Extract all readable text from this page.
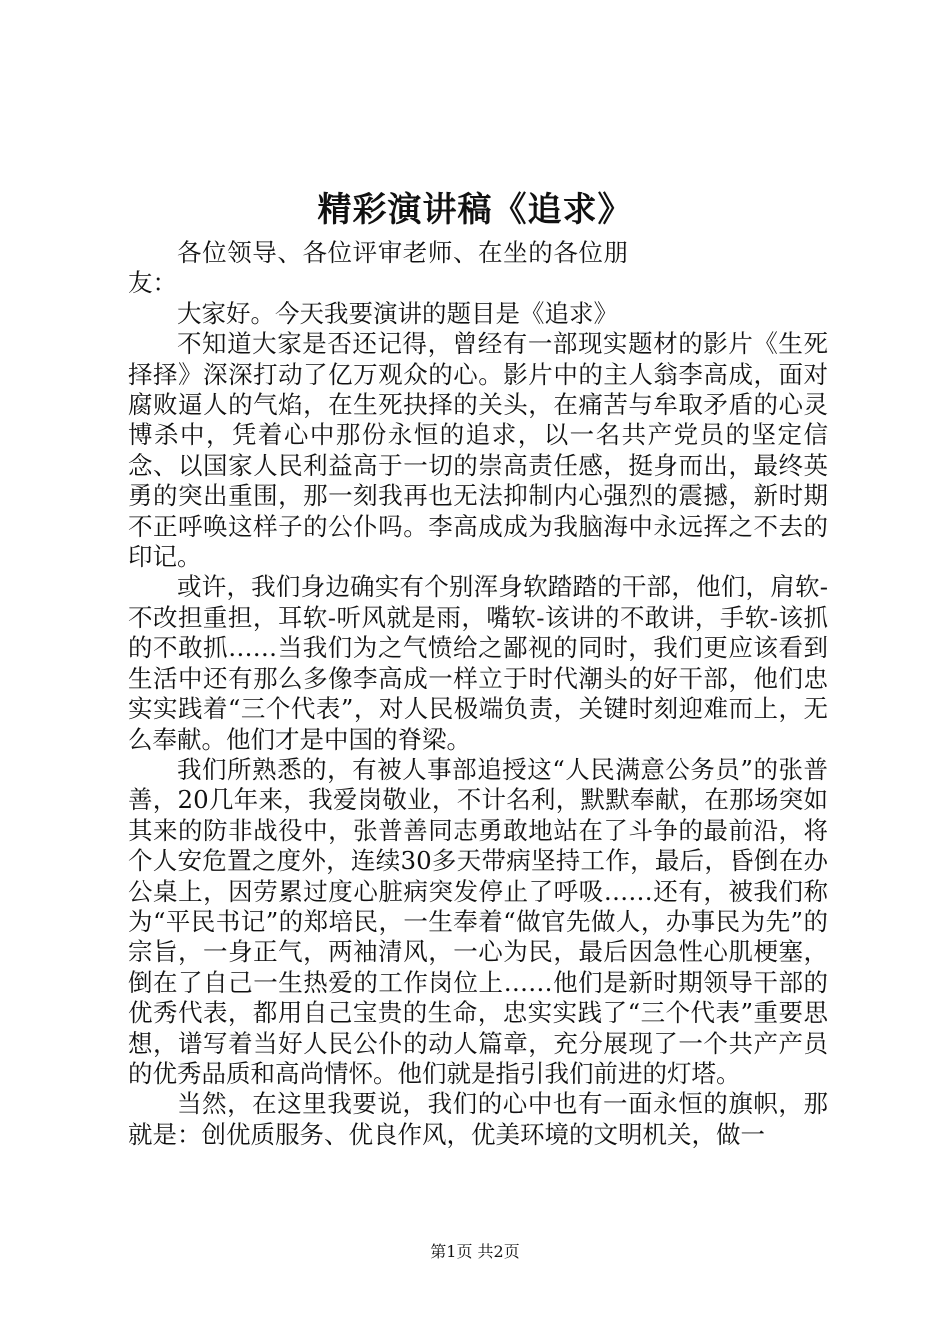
精彩演讲稿《追求》

各位领导、各位评审老师、在坐的各位朋友：

大家好。今天我要演讲的题目是《追求》

不知道大家是否还记得，曾经有一部现实题材的影片《生死择择》深深打动了亿万观众的心。影片中的主人翁李高成，面对腐败逼人的气焰，在生死抉择的关头，在痛苦与牟取矛盾的心灵博杀中，凭着心中那份永恒的追求，以一名共产党员的坚定信念、以国家人民利益高于一切的崇高责任感，挺身而出，最终英勇的突出重围，那一刻我再也无法抑制内心强烈的震撼，新时期不正呼唤这样子的公仆吗。李高成成为我脑海中永远挥之不去的印记。

或许，我们身边确实有个别浑身软踏踏的干部，他们，肩软-不改担重担，耳软-听风就是雨，嘴软-该讲的不敢讲，手软-该抓的不敢抓……当我们为之气愤给之鄙视的同时，我们更应该看到生活中还有那么多像李高成一样立于时代潮头的好干部，他们忠实实践着“三个代表”，对人民极端负责，关键时刻迎难而上，无么奉献。他们才是中国的脊梁。

我们所熟悉的，有被人事部追授这“人民满意公务员”的张普善，20几年来，我爱岗敬业，不计名利，默默奉献，在那场突如其来的防非战役中，张普善同志勇敢地站在了斗争的最前沿，将个人安危置之度外，连续30多天带病坚持工作，最后，昏倒在办公桌上，因劳累过度心脏病突发停止了呼吸……还有，被我们称为“平民书记”的郑培民，一生奉着“做官先做人，办事民为先”的宗旨，一身正气，两袖清风，一心为民，最后因急性心肌梗塞，倒在了自己一生热爱的工作岗位上……他们是新时期领导干部的优秀代表，都用自己宝贵的生命，忠实实践了“三个代表”重要思想，谱写着当好人民公仆的动人篇章，充分展现了一个共产产员的优秀品质和高尚情怀。他们就是指引我们前进的灯塔。

当然，在这里我要说，我们的心中也有一面永恒的旗帜，那就是：创优质服务、优良作风，优美环境的文明机关，做一

第1页 共2页
